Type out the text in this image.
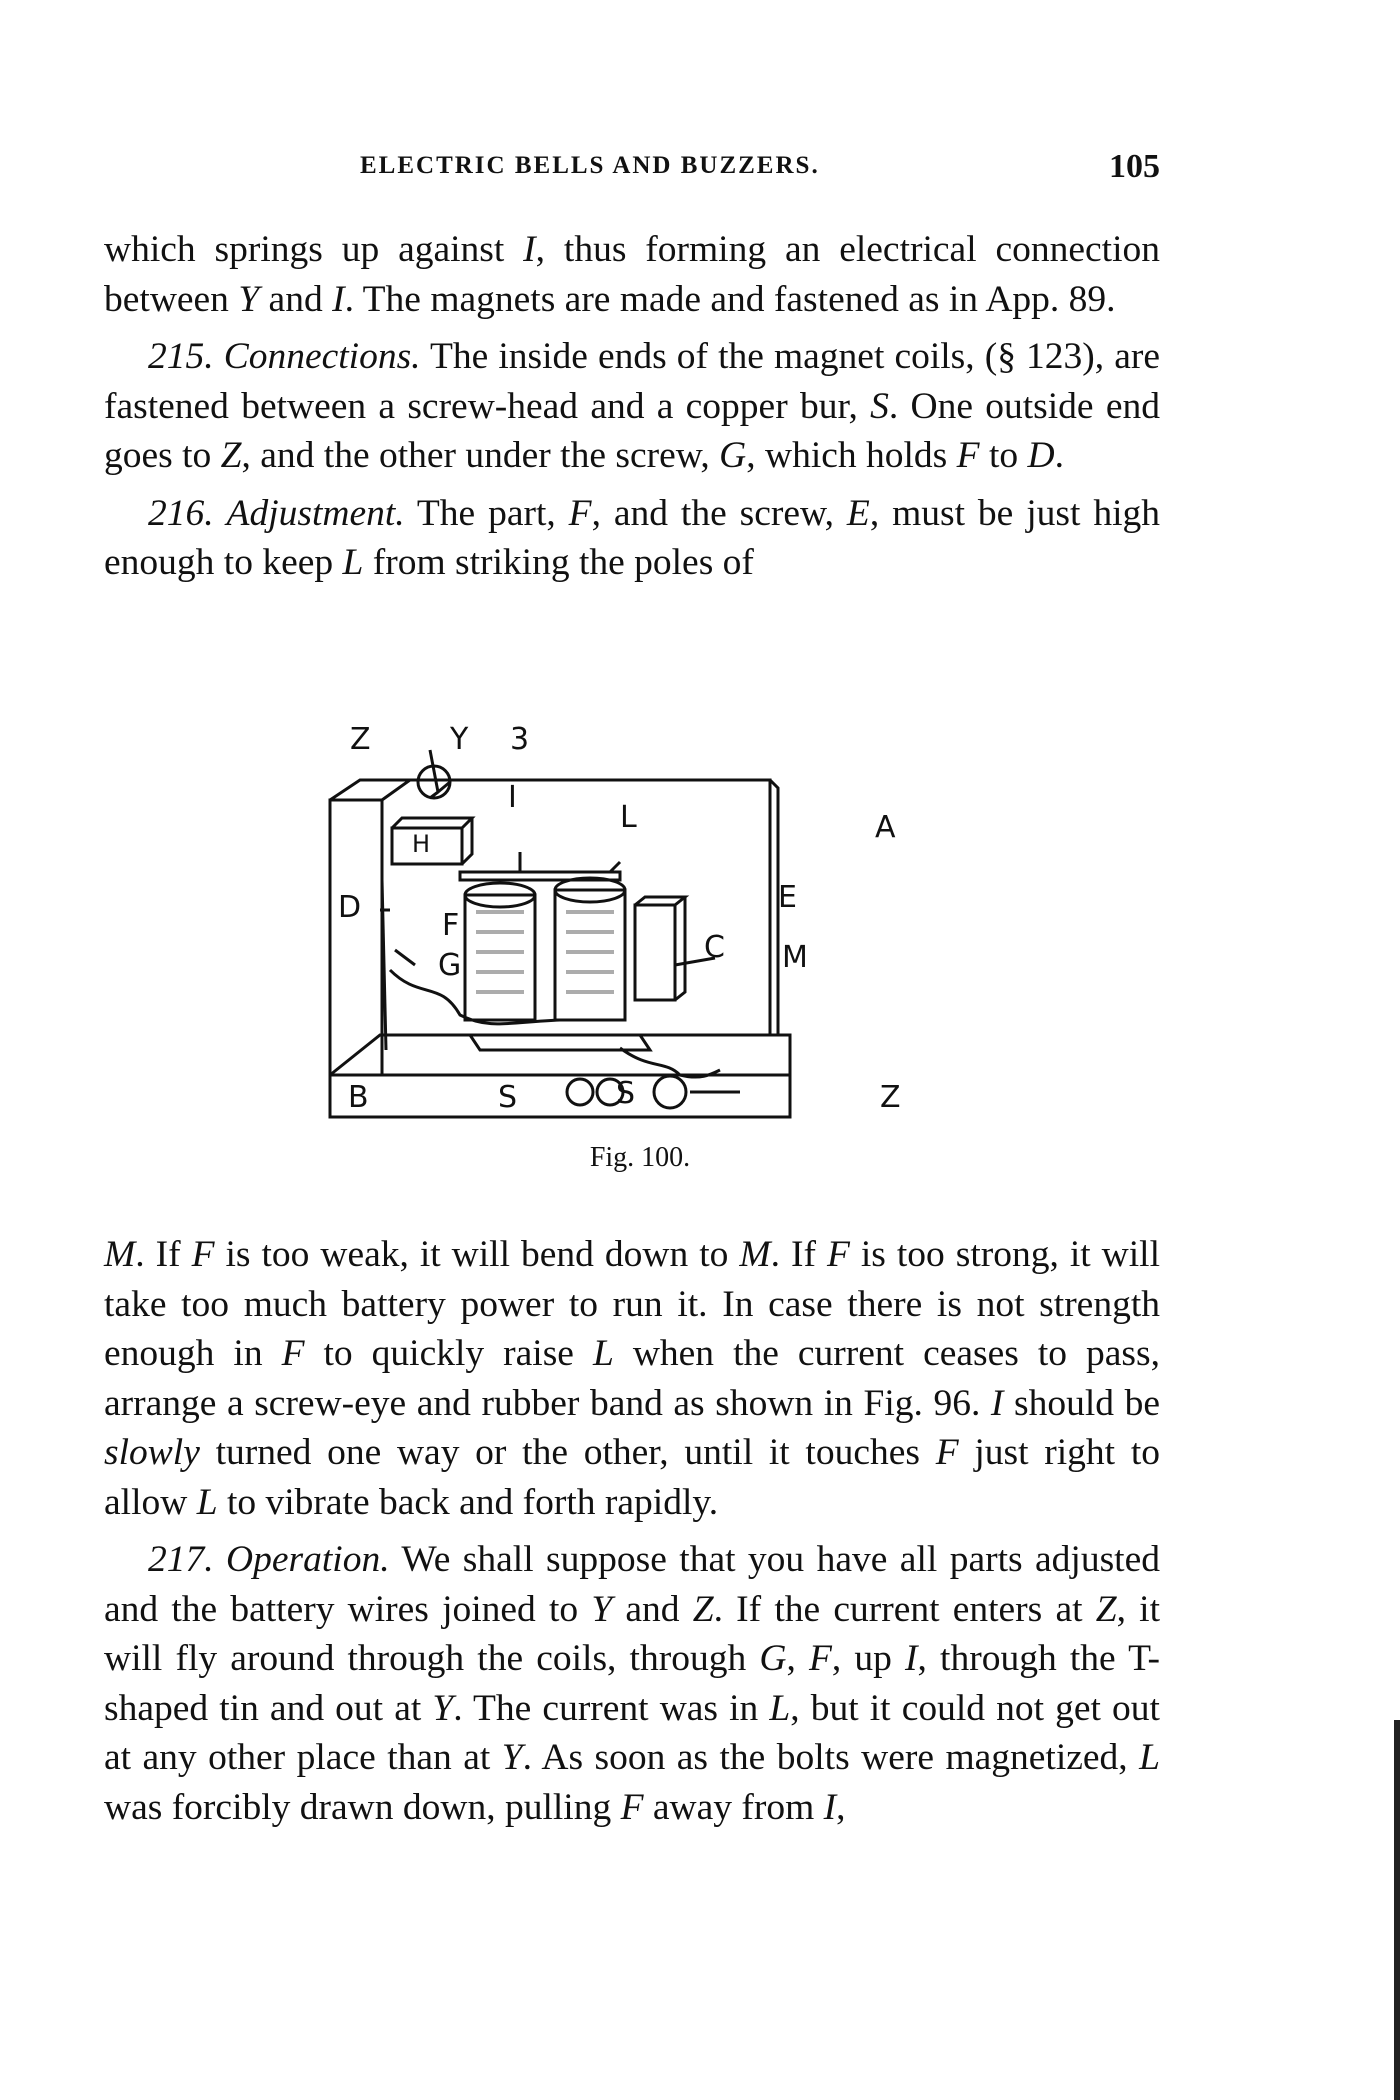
ELECTRIC BELLS AND BUZZERS.	105

which springs up against I, thus forming an electrical connection between Y and I. The magnets are made and fastened as in App. 89.

215. Connections. The inside ends of the magnet coils, (§ 123), are fastened between a screw-head and a copper bur, S. One outside end goes to Z, and the other under the screw, G, which holds F to D.

216. Adjustment. The part, F, and the screw, E, must be just high enough to keep L from striking the poles of

Z	Y 3
I
L	A
H
D
F
E
G
C M
B	S	S	Z
Fig. 100.

M. If F is too weak, it will bend down to M. If F is too strong, it will take too much battery power to run it. In case there is not strength enough in F to quickly raise L when the current ceases to pass, arrange a screw-eye and rubber band as shown in Fig. 96. I should be slowly turned one way or the other, until it touches F just right to allow L to vibrate back and forth rapidly.

217. Operation. We shall suppose that you have all parts adjusted and the battery wires joined to Y and Z. If the current enters at Z, it will fly around through the coils, through G, F, up I, through the T-shaped tin and out at Y. The current was in L, but it could not get out at any other place than at Y. As soon as the bolts were magnetized, L was forcibly drawn down, pulling F away from I,
